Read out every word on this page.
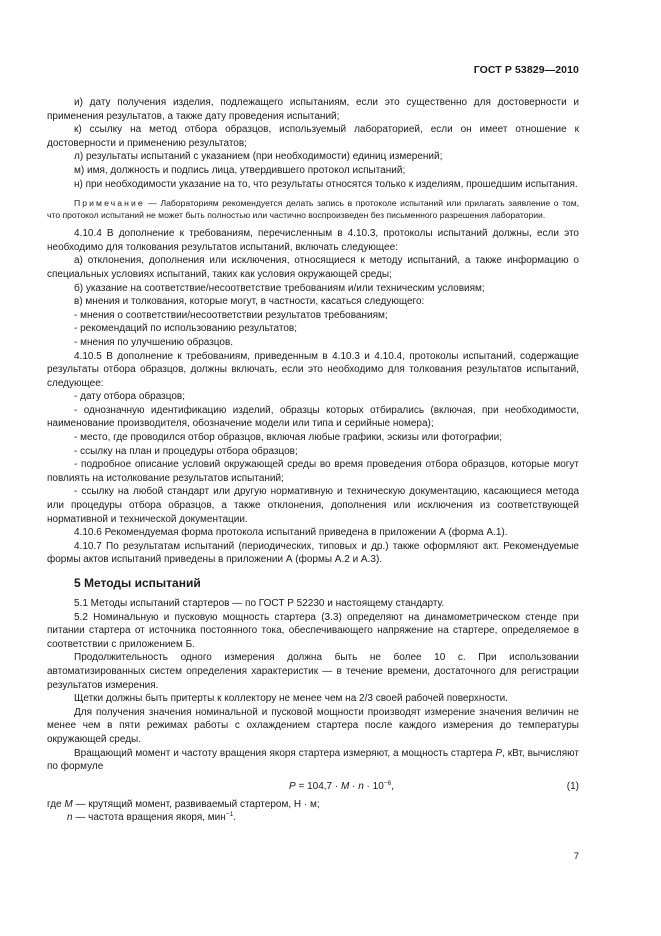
ГОСТ Р 53829—2010

и) дату получения изделия, подлежащего испытаниям, если это существенно для достоверности и применения результатов, а также дату проведения испытаний;

к) ссылку на метод отбора образцов, используемый лабораторией, если он имеет отношение к достоверности и применению результатов;

л) результаты испытаний с указанием (при необходимости) единиц измерений;

м) имя, должность и подпись лица, утвердившего протокол испытаний;

н) при необходимости указание на то, что результаты относятся только к изделиям, прошедшим испытания.

Примечание — Лабораториям рекомендуется делать запись в протоколе испытаний или прилагать заявление о том, что протокол испытаний не может быть полностью или частично воспроизведен без письменного разрешения лаборатории.

4.10.4 В дополнение к требованиям, перечисленным в 4.10.3, протоколы испытаний должны, если это необходимо для толкования результатов испытаний, включать следующее:

а) отклонения, дополнения или исключения, относящиеся к методу испытаний, а также информацию о специальных условиях испытаний, таких как условия окружающей среды;

б) указание на соответствие/несоответствие требованиям и/или техническим условиям;

в) мнения и толкования, которые могут, в частности, касаться следующего:

- мнения о соответствии/несоответствии результатов требованиям;

- рекомендаций по использованию результатов;

- мнения по улучшению образцов.

4.10.5 В дополнение к требованиям, приведенным в 4.10.3 и 4.10.4, протоколы испытаний, содержащие результаты отбора образцов, должны включать, если это необходимо для толкования результатов испытаний, следующее:

- дату отбора образцов;

- однозначную идентификацию изделий, образцы которых отбирались (включая, при необходимости, наименование производителя, обозначение модели или типа и серийные номера);

- место, где проводился отбор образцов, включая любые графики, эскизы или фотографии;

- ссылку на план и процедуры отбора образцов;

- подробное описание условий окружающей среды во время проведения отбора образцов, которые могут повлиять на истолкование результатов испытаний;

- ссылку на любой стандарт или другую нормативную и техническую документацию, касающиеся метода или процедуры отбора образцов, а также отклонения, дополнения или исключения из соответствующей нормативной и технической документации.

4.10.6 Рекомендуемая форма протокола испытаний приведена в приложении А (форма А.1).

4.10.7 По результатам испытаний (периодических, типовых и др.) также оформляют акт. Рекомендуемые формы актов испытаний приведены в приложении А (формы А.2 и А.3).

5 Методы испытаний

5.1 Методы испытаний стартеров — по ГОСТ Р 52230 и настоящему стандарту.

5.2 Номинальную и пусковую мощность стартера (3.3) определяют на динамометрическом стенде при питании стартера от источника постоянного тока, обеспечивающего напряжение на стартере, определяемое в соответствии с приложением Б.

Продолжительность одного измерения должна быть не более 10 с. При использовании автоматизированных систем определения характеристик — в течение времени, достаточного для регистрации результатов измерения.

Щетки должны быть притерты к коллектору не менее чем на 2/3 своей рабочей поверхности.

Для получения значения номинальной и пусковой мощности производят измерение значения величин не менее чем в пяти режимах работы с охлаждением стартера после каждого измерения до температуры окружающей среды.

Вращающий момент и частоту вращения якоря стартера измеряют, а мощность стартера P, кВт, вычисляют по формуле

$P = 104,7 \cdot M \cdot n \cdot 10^{-6}$,	(1)

где M — крутящий момент, развиваемый стартером, Н · м;

n — частота вращения якоря, мин$^{-1}$.

7
